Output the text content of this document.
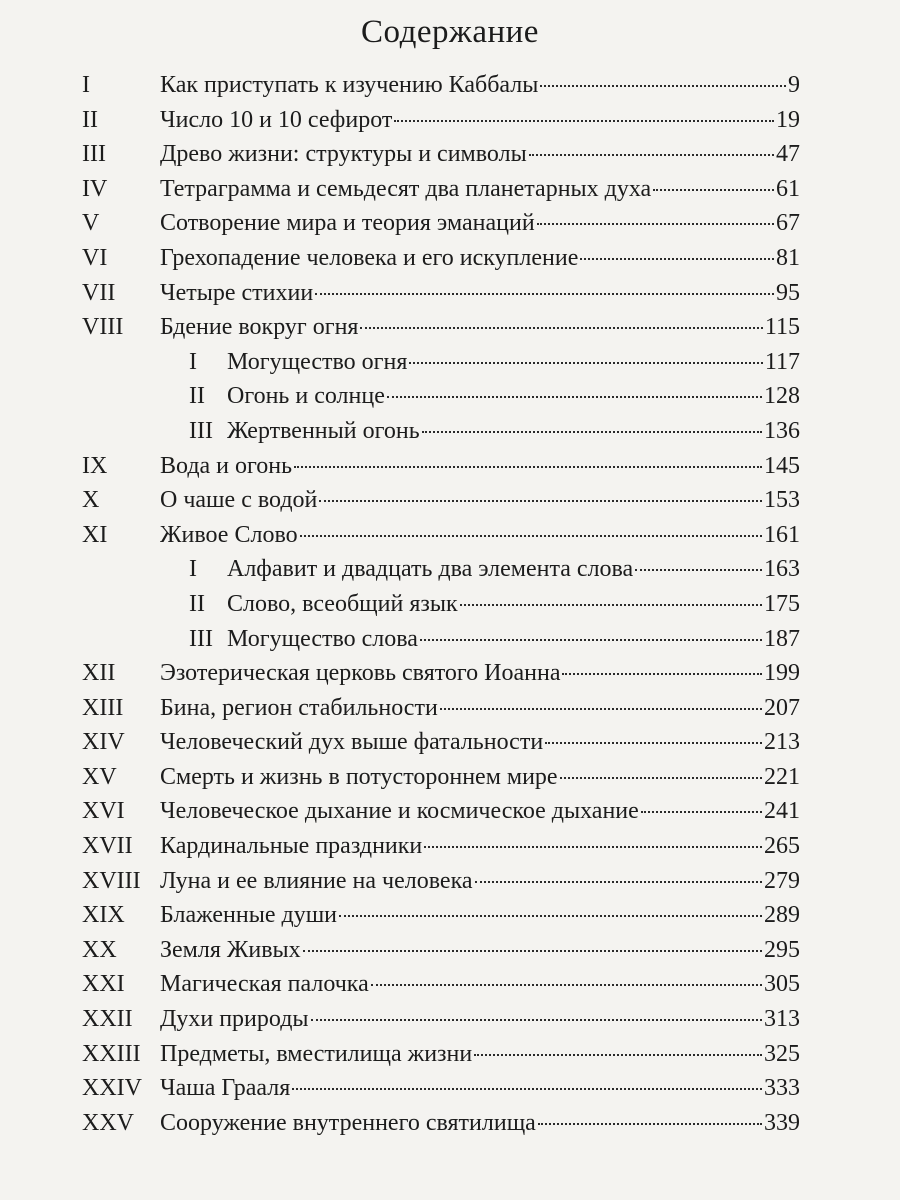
Содержание
I	Как приступать к изучению Каббалы	9
II	Число 10 и 10 сефирот	19
III	Древо жизни: структуры и символы	47
IV	Тетраграмма и семьдесят два планетарных духа	61
V	Сотворение мира и теория эманаций	67
VI	Грехопадение человека и его искупление	81
VII	Четыре стихии	95
VIII	Бдение вокруг огня	115
I	Могущество огня	117
II Огонь и солнце	128
III Жертвенный огонь	136
IX	Вода и огонь	145
X	О чаше с водой	153
XI	Живое Слово	161
I	Алфавит и двадцать два элемента слова	163
II Слово, всеобщий язык	175
III Могущество слова	187
XII	Эзотерическая церковь святого Иоанна	199
XIII	Бина, регион стабильности	207
XIV	Человеческий дух выше фатальности	213
XV	Смерть и жизнь в потустороннем мире	221
XVI	Человеческое дыхание и космическое дыхание	241
XVII	Кардинальные праздники	265
XVIII Луна и ее влияние на человека	279
XIX	Блаженные души	289
XX	Земля Живых	295
XXI	Магическая палочка	305
XXII	Духи природы	313
XXIII Предметы, вместилища жизни	325
XXIV Чаша Грааля	333
XXV	Сооружение внутреннего святилища	339
